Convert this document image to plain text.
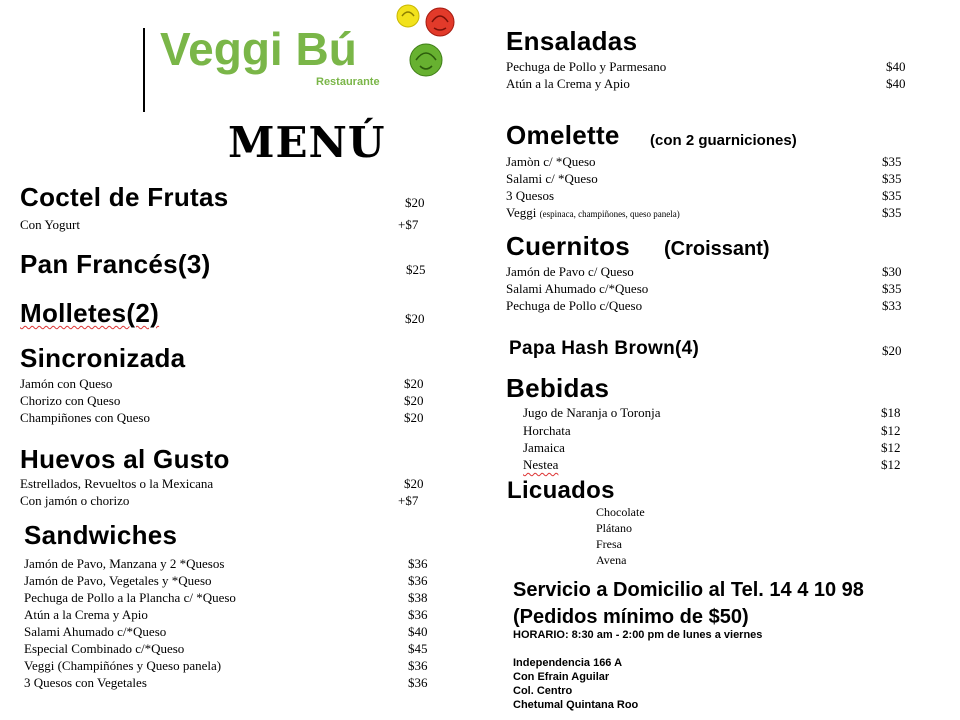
Veggi Bú
Restaurante
MENÚ
Coctel de Frutas	$20
Con Yogurt	+$7
Pan Francés(3)	$25
Molletes(2)	$20
Sincronizada
Jamón con Queso	$20
Chorizo con Queso	$20
Champiñones con Queso	$20
Huevos al Gusto
Estrellados, Revueltos o la Mexicana	$20
Con jamón o chorizo	+$7
Sandwiches
Jamón de Pavo, Manzana y 2 *Quesos	$36
Jamón de Pavo, Vegetales y *Queso	$36
Pechuga de Pollo a la Plancha c/ *Queso	$38
Atún a la Crema y Apio	$36
Salami Ahumado c/*Queso	$40
Especial Combinado c/*Queso	$45
Veggi (Champiñónes y Queso panela)	$36
3 Quesos con Vegetales	$36
Ensaladas
Pechuga de Pollo y Parmesano	$40
Atún a la Crema y Apio	$40
Omelette (con 2 guarniciones)
Jamòn c/ *Queso	$35
Salami c/ *Queso	$35
3 Quesos	$35
Veggi (espinaca, champiñones, queso panela)	$35
Cuernitos (Croissant)
Jamón de Pavo c/ Queso	$30
Salami Ahumado c/*Queso	$35
Pechuga de Pollo c/Queso	$33
Papa Hash Brown(4)	$20
Bebidas
Jugo de Naranja o Toronja	$18
Horchata	$12
Jamaica	$12
Nestea	$12
Licuados
Chocolate
Plátano
Fresa
Avena
Servicio a Domicilio al Tel. 14 4 10 98
(Pedidos mínimo de $50)
HORARIO: 8:30 am - 2:00 pm de lunes a viernes
Independencia 166 A
Con Efrain Aguilar
Col. Centro
Chetumal Quintana Roo
